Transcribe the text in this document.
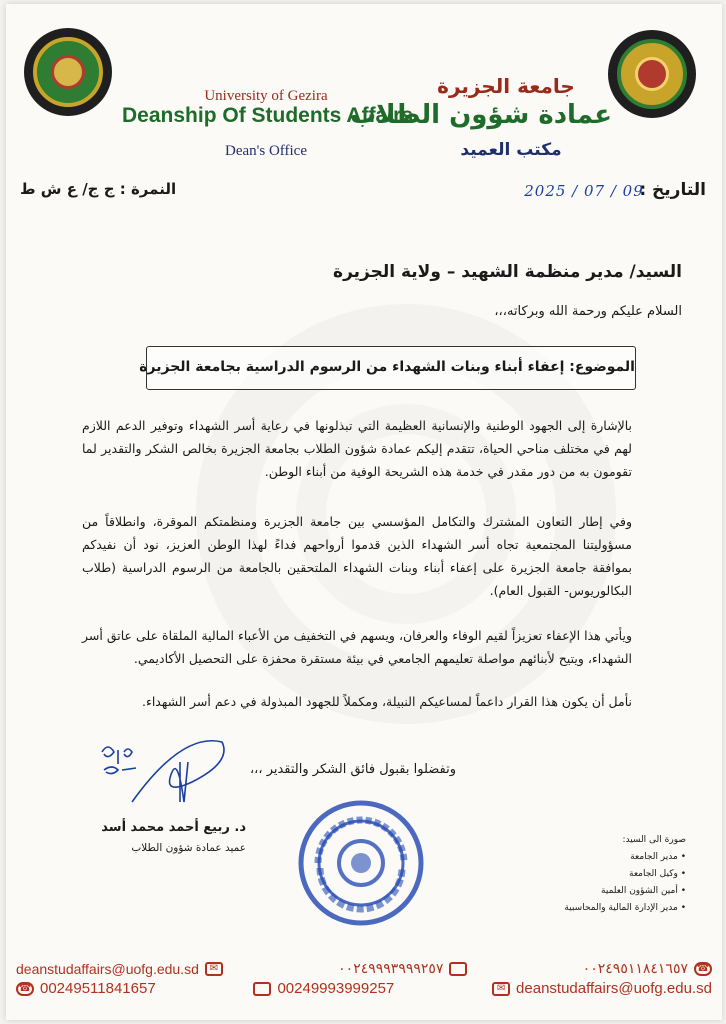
University of Gezira
Deanship Of Students Affairs
Dean's Office
جامعة الجزيرة
عمادة شؤون الطلاب
مكتب العميد
التاريخ :
2025 / 07 / 09
النمرة : ج ج/ ع ش ط
السيد/ مدير منظمة الشهيد – ولاية الجزيرة
السلام عليكم ورحمة الله وبركاته،،،
الموضوع: إعفاء أبناء وبنات الشهداء من الرسوم الدراسية بجامعة الجزيرة
بالإشارة إلى الجهود الوطنية والإنسانية العظيمة التي تبذلونها في رعاية أسر الشهداء وتوفير الدعم اللازم لهم في مختلف مناحي الحياة، تتقدم إليكم عمادة شؤون الطلاب بجامعة الجزيرة بخالص الشكر والتقدير لما تقومون به من دور مقدر في خدمة هذه الشريحة الوفية من أبناء الوطن.
وفي إطار التعاون المشترك والتكامل المؤسسي بين جامعة الجزيرة ومنظمتكم الموقرة، وانطلاقاً من مسؤوليتنا المجتمعية تجاه أسر الشهداء الذين قدموا أرواحهم فداءً لهذا الوطن العزيز، نود أن نفيدكم بموافقة جامعة الجزيرة على إعفاء أبناء وبنات الشهداء الملتحقين بالجامعة من الرسوم الدراسية (طلاب البكالوريوس- القبول العام).
ويأتي هذا الإعفاء تعزيزاً لقيم الوفاء والعرفان، ويسهم في التخفيف من الأعباء المالية الملقاة على عاتق أسر الشهداء، ويتيح لأبنائهم مواصلة تعليمهم الجامعي في بيئة مستقرة محفزة على التحصيل الأكاديمي.
نأمل أن يكون هذا القرار داعماً لمساعيكم النبيلة، ومكملاً للجهود المبذولة في دعم أسر الشهداء.
وتفضلوا بقبول فائق الشكر والتقدير ،،،
د. ربيع أحمد محمد أسد
عميد عمادة شؤون الطلاب
صورة الى السيد:
• مدير الجامعة
• وكيل الجامعة
• أمين الشؤون العلمية
• مدير الإدارة المالية والمحاسبية
☎
٠٠٢٤٩٥١١٨٤١٦٥٧
٠٠٢٤٩٩٩٣٩٩٩٢٥٧
✉
deanstudaffairs@uofg.edu.sd
☎ 00249511841657	00249993999257	✉ deanstudaffairs@uofg.edu.sd
